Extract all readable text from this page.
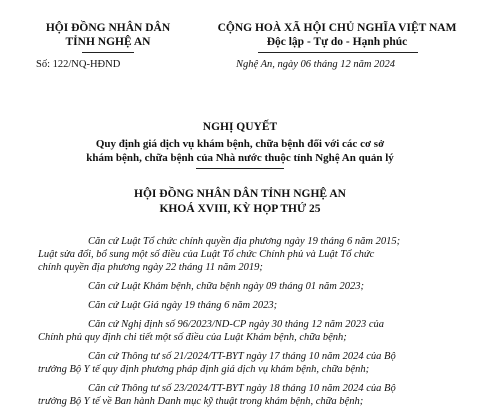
HỘI ĐỒNG NHÂN DÂN
TỈNH NGHỆ AN
Số: 122/NQ-HĐND
CỘNG HOÀ XÃ HỘI CHỦ NGHĨA VIỆT NAM
Độc lập - Tự do - Hạnh phúc
Nghệ An, ngày 06 tháng 12 năm 2024
NGHỊ QUYẾT
Quy định giá dịch vụ khám bệnh, chữa bệnh đối với các cơ sở
khám bệnh, chữa bệnh của Nhà nước thuộc tỉnh Nghệ An quản lý
HỘI ĐỒNG NHÂN DÂN TỈNH NGHỆ AN
KHOÁ XVIII, KỲ HỌP THỨ 25
Căn cứ Luật Tổ chức chính quyền địa phương ngày 19 tháng 6 năm 2015;
Luật sửa đổi, bổ sung một số điều của Luật Tổ chức Chính phủ và Luật Tổ chức
chính quyền địa phương ngày 22 tháng 11 năm 2019;
Căn cứ Luật Khám bệnh, chữa bệnh ngày 09 tháng 01 năm 2023;
Căn cứ Luật Giá ngày 19 tháng 6 năm 2023;
Căn cứ Nghị định số 96/2023/ND-CP ngày 30 tháng 12 năm 2023 của
Chính phủ quy định chi tiết một số điều của Luật Khám bệnh, chữa bệnh;
Căn cứ Thông tư số 21/2024/TT-BYT ngày 17 tháng 10 năm 2024 của Bộ
trưởng Bộ Y tế quy định phương pháp định giá dịch vụ khám bệnh, chữa bệnh;
Căn cứ Thông tư số 23/2024/TT-BYT ngày 18 tháng 10 năm 2024 của Bộ
trưởng Bộ Y tế về Ban hành Danh mục kỹ thuật trong khám bệnh, chữa bệnh;
